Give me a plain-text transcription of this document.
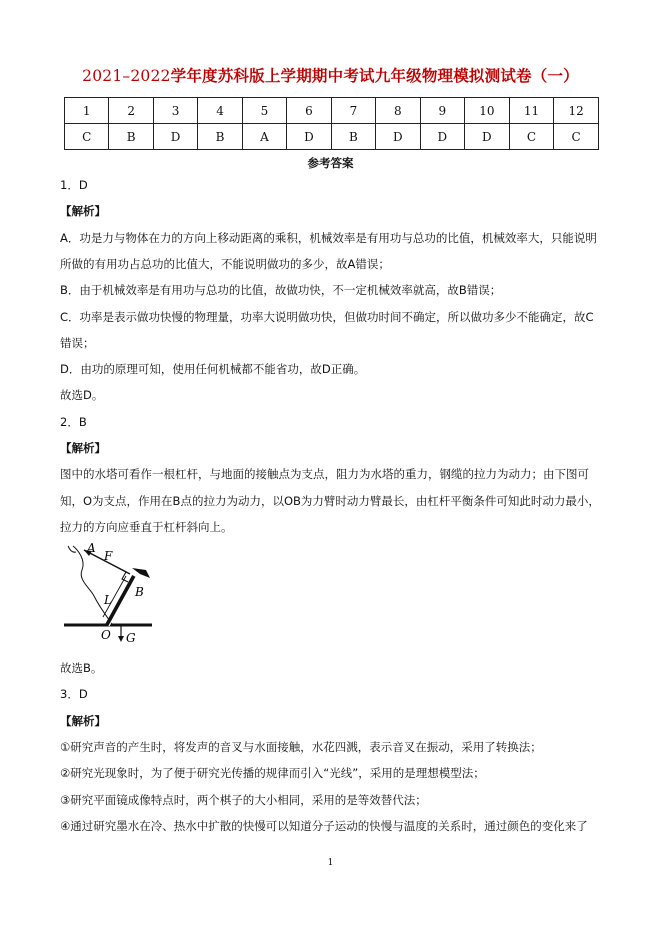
2021–2022学年度苏科版上学期期中考试九年级物理模拟测试卷（一）
1	2	3	4	5	6	7	8	9	10	11	12
C	B	D	B	A	D	B	D	D	D	C	C
参考答案
1．D
【解析】
A．功是力与物体在力的方向上移动距离的乘积，机械效率是有用功与总功的比值，机械效率大，只能说明
所做的有用功占总功的比值大，不能说明做功的多少，故A错误；
B．由于机械效率是有用功与总功的比值，故做功快，不一定机械效率就高，故B错误；
C．功率是表示做功快慢的物理量，功率大说明做功快，但做功时间不确定，所以做功多少不能确定，故C
错误；
D．由功的原理可知，使用任何机械都不能省功，故D正确。
故选D。
2．B
【解析】
图中的水塔可看作一根杠杆，与地面的接触点为支点，阻力为水塔的重力，钢缆的拉力为动力；由下图可
知，O为支点，作用在B点的拉力为动力，以OB为力臂时动力臂最长，由杠杆平衡条件可知此时动力最小，
拉力的方向应垂直于杠杆斜向上。
A
F
L
B
O G
故选B。
3．D
【解析】
①研究声音的产生时，将发声的音叉与水面接触，水花四溅，表示音叉在振动，采用了转换法；
②研究光现象时，为了便于研究光传播的规律而引入“光线”，采用的是理想模型法；
③研究平面镜成像特点时，两个棋子的大小相同，采用的是等效替代法；
④通过研究墨水在冷、热水中扩散的快慢可以知道分子运动的快慢与温度的关系时，通过颜色的变化来了
1
